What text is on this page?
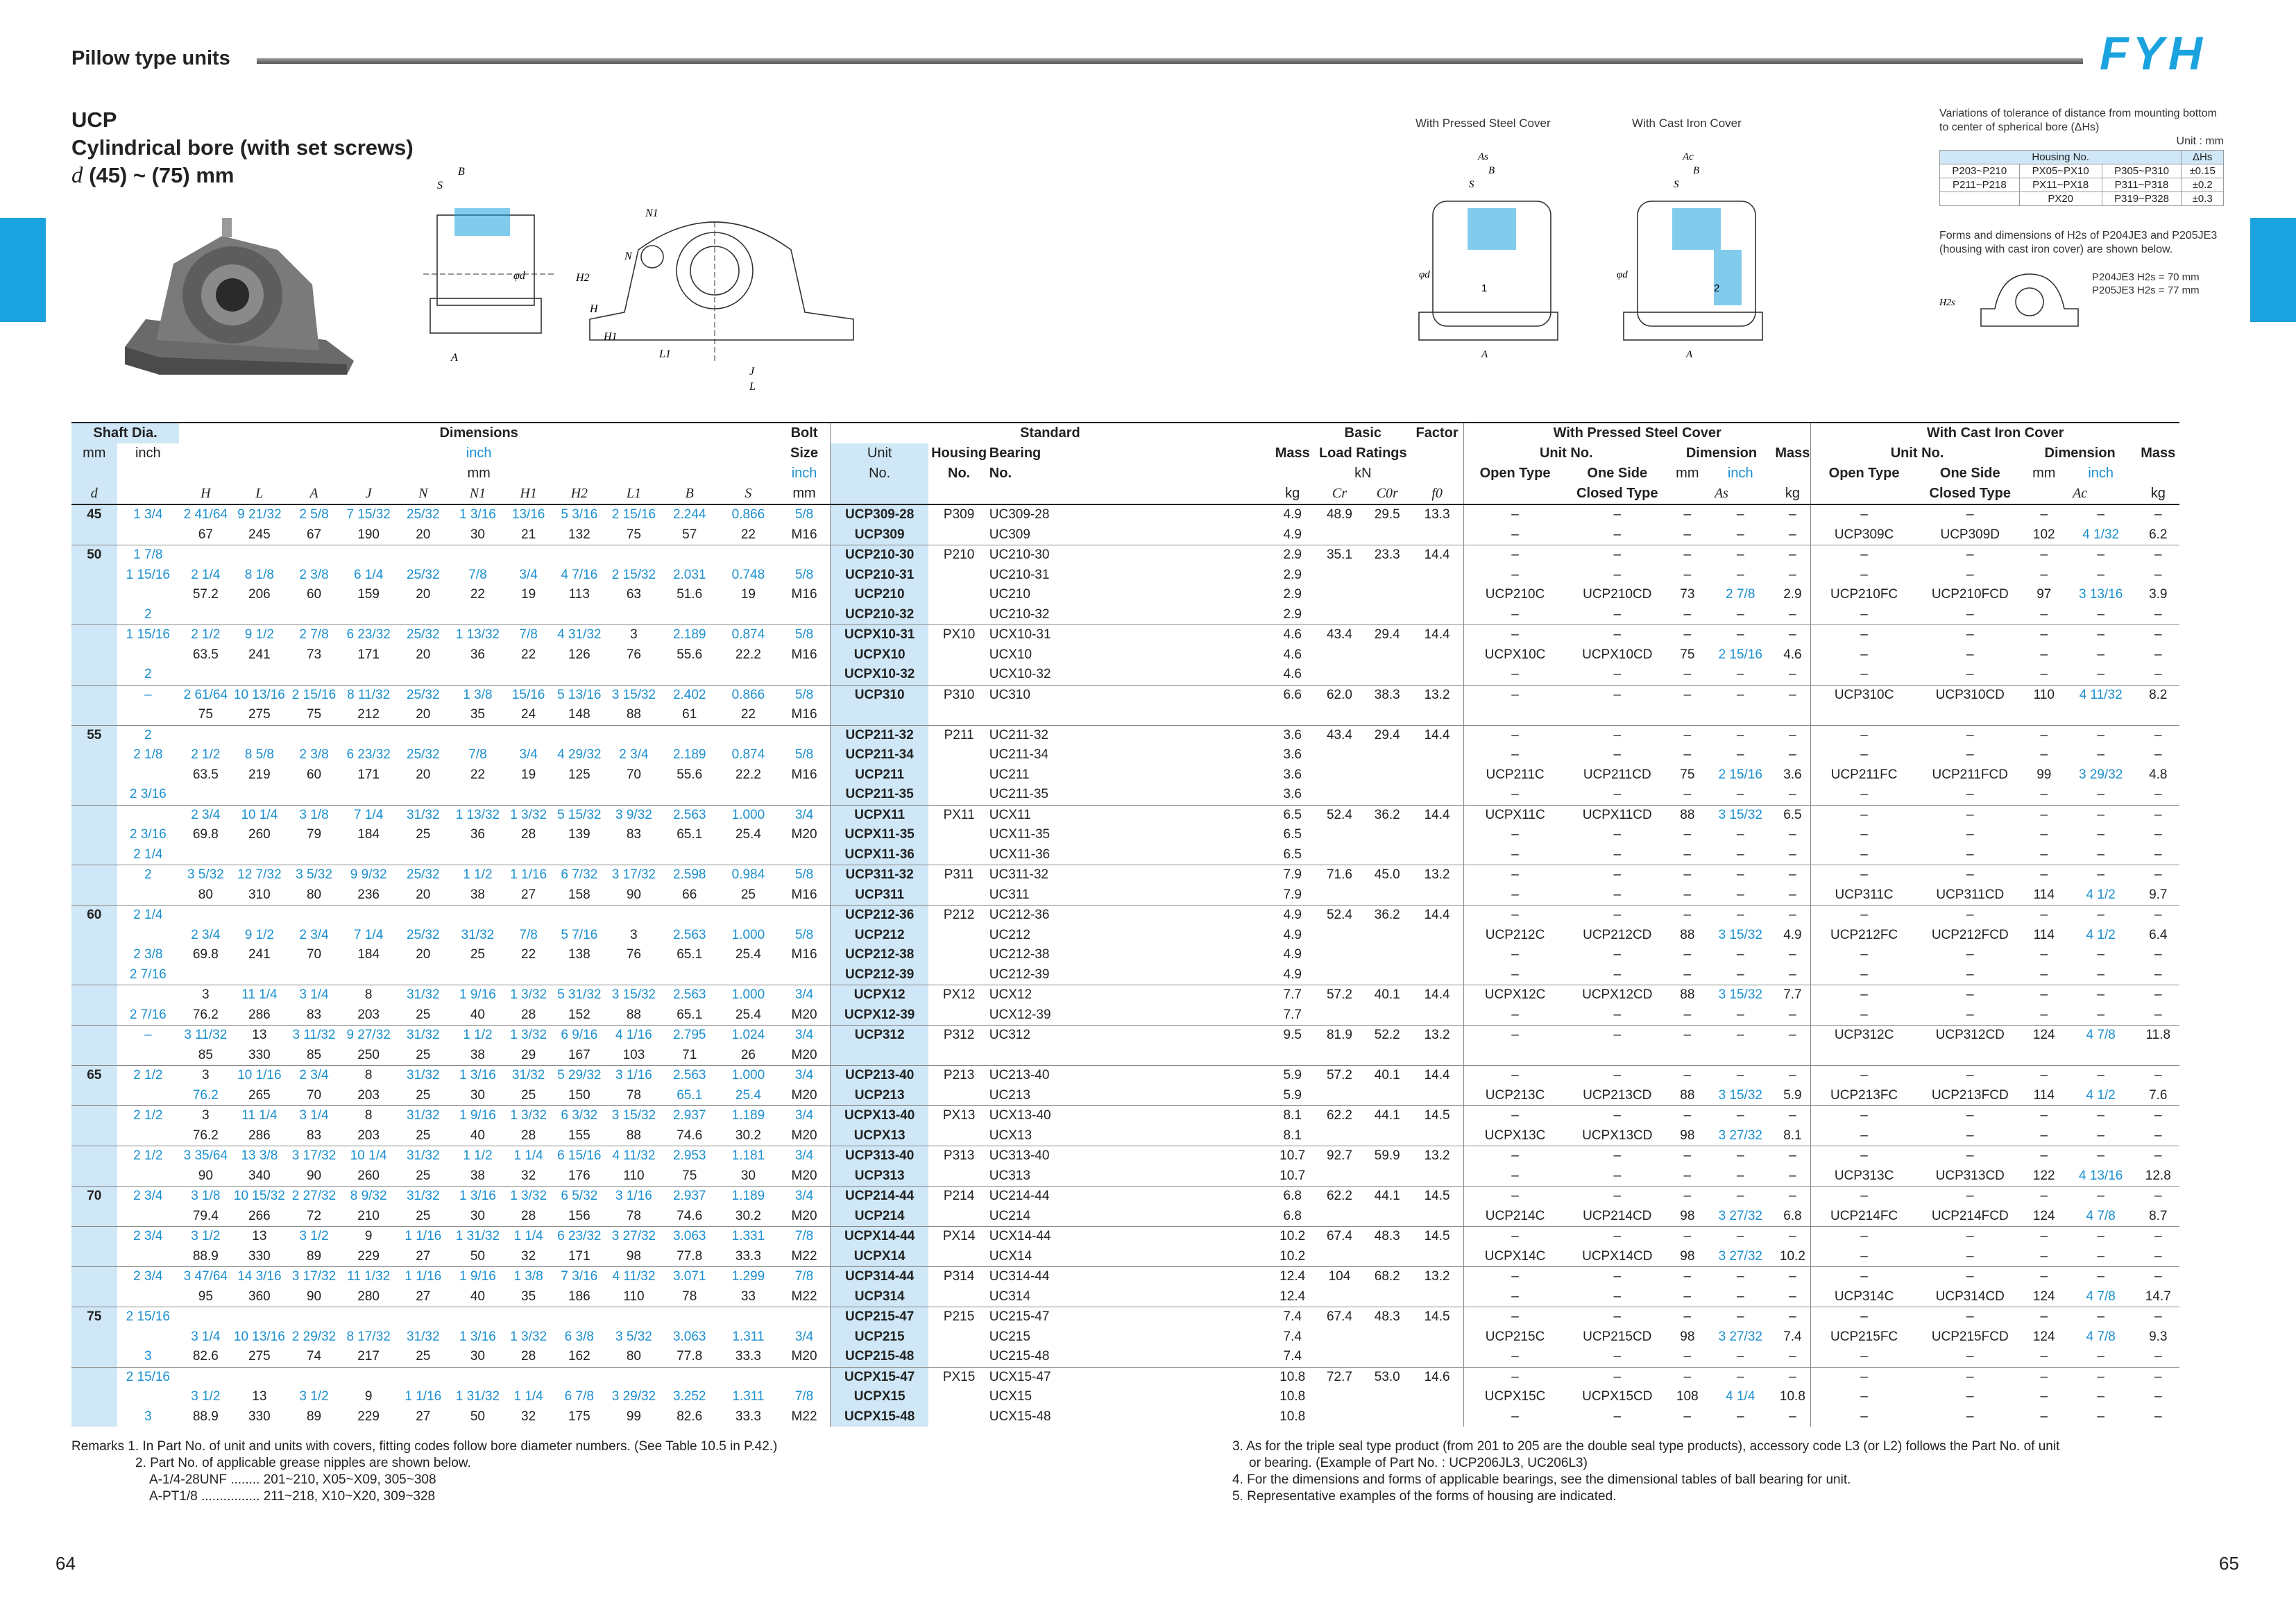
Pillow type units	FYH
UCP
Cylindrical bore (with set screws)
d (45) ~ (75) mm	B
S
φd
A
N1
N
H2
H
H1
L1
J
L
With Pressed Steel Cover	With Cast Iron Cover
As
B
S
φd
1
A
Ac
B
S
φd
2
A
Variations of tolerance of distance from mounting bottom to center of spherical bore (ΔHs)
Unit : mm
Housing No.			ΔHs
P203~P210	PX05~PX10	P305~P310	±0.15
P211~P218	PX11~PX18	P311~P318	±0.2
	PX20	P319~P328	±0.3
Forms and dimensions of H2s of P204JE3 and P205JE3 (housing with cast iron cover) are shown below.
H2s
P204JE3 H2s = 70 mm
P205JE3 H2s = 77 mm
Shaft Dia.		Dimensions											Bolt	Standard				Basic		Factor	With Pressed Steel Cover					With Cast Iron Cover				
mm	inch	inch											Size	Unit	Housing	Bearing	Mass	Load Ratings			Unit No.		Dimension		Mass	Unit No.		Dimension		Mass
		mm											inch	No.	No.	No.		kN			Open Type	One Side	mm	inch		Open Type	One Side	mm	inch	
d		H	L	A	J	N	N1	H1	H2	L1	B	S	mm				kg	Cr	C0r	f0		Closed Type	As		kg		Closed Type	Ac		kg
45	1 3/4	2 41/64	9 21/32	2 5/8	7 15/32	25/32	1 3/16	13/16	5 3/16	2 15/16	2.244	0.866	5/8	UCP309-28	P309	UC309-28	4.9	48.9	29.5	13.3	–	–	–	–	–	–	–	–	–	–
		67	245	67	190	20	30	21	132	75	57	22	M16	UCP309		UC309	4.9				–	–	–	–	–	UCP309C	UCP309D	102	4 1/32	6.2
50	1 7/8													UCP210-30	P210	UC210-30	2.9	35.1	23.3	14.4	–	–	–	–	–	–	–	–	–	–
	1 15/16	2 1/4	8 1/8	2 3/8	6 1/4	25/32	7/8	3/4	4 7/16	2 15/32	2.031	0.748	5/8	UCP210-31		UC210-31	2.9				–	–	–	–	–	–	–	–	–	–
		57.2	206	60	159	20	22	19	113	63	51.6	19	M16	UCP210		UC210	2.9				UCP210C	UCP210CD	73	2 7/8	2.9	UCP210FC	UCP210FCD	97	3 13/16	3.9
	2													UCP210-32		UC210-32	2.9				–	–	–	–	–	–	–	–	–	–
	1 15/16	2 1/2	9 1/2	2 7/8	6 23/32	25/32	1 13/32	7/8	4 31/32	3	2.189	0.874	5/8	UCPX10-31	PX10	UCX10-31	4.6	43.4	29.4	14.4	–	–	–	–	–	–	–	–	–	–
		63.5	241	73	171	20	36	22	126	76	55.6	22.2	M16	UCPX10		UCX10	4.6				UCPX10C	UCPX10CD	75	2 15/16	4.6	–	–	–	–	–
	2													UCPX10-32		UCX10-32	4.6				–	–	–	–	–	–	–	–	–	–
	–	2 61/64	10 13/16	2 15/16	8 11/32	25/32	1 3/8	15/16	5 13/16	3 15/32	2.402	0.866	5/8	UCP310	P310	UC310	6.6	62.0	38.3	13.2	–	–	–	–	–	UCP310C	UCP310CD	110	4 11/32	8.2
		75	275	75	212	20	35	24	148	88	61	22	M16																	
55	2													UCP211-32	P211	UC211-32	3.6	43.4	29.4	14.4	–	–	–	–	–	–	–	–	–	–
	2 1/8	2 1/2	8 5/8	2 3/8	6 23/32	25/32	7/8	3/4	4 29/32	2 3/4	2.189	0.874	5/8	UCP211-34		UC211-34	3.6				–	–	–	–	–	–	–	–	–	–
		63.5	219	60	171	20	22	19	125	70	55.6	22.2	M16	UCP211		UC211	3.6				UCP211C	UCP211CD	75	2 15/16	3.6	UCP211FC	UCP211FCD	99	3 29/32	4.8
	2 3/16													UCP211-35		UC211-35	3.6				–	–	–	–	–	–	–	–	–	–
		2 3/4	10 1/4	3 1/8	7 1/4	31/32	1 13/32	1 3/32	5 15/32	3 9/32	2.563	1.000	3/4	UCPX11	PX11	UCX11	6.5	52.4	36.2	14.4	UCPX11C	UCPX11CD	88	3 15/32	6.5	–	–	–	–	–
	2 3/16	69.8	260	79	184	25	36	28	139	83	65.1	25.4	M20	UCPX11-35		UCX11-35	6.5				–	–	–	–	–	–	–	–	–	–
	2 1/4													UCPX11-36		UCX11-36	6.5				–	–	–	–	–	–	–	–	–	–
	2	3 5/32	12 7/32	3 5/32	9 9/32	25/32	1 1/2	1 1/16	6 7/32	3 17/32	2.598	0.984	5/8	UCP311-32	P311	UC311-32	7.9	71.6	45.0	13.2	–	–	–	–	–	–	–	–	–	–
		80	310	80	236	20	38	27	158	90	66	25	M16	UCP311		UC311	7.9				–	–	–	–	–	UCP311C	UCP311CD	114	4 1/2	9.7
60	2 1/4													UCP212-36	P212	UC212-36	4.9	52.4	36.2	14.4	–	–	–	–	–	–	–	–	–	–
		2 3/4	9 1/2	2 3/4	7 1/4	25/32	31/32	7/8	5 7/16	3	2.563	1.000	5/8	UCP212		UC212	4.9				UCP212C	UCP212CD	88	3 15/32	4.9	UCP212FC	UCP212FCD	114	4 1/2	6.4
	2 3/8	69.8	241	70	184	20	25	22	138	76	65.1	25.4	M16	UCP212-38		UC212-38	4.9				–	–	–	–	–	–	–	–	–	–
	2 7/16													UCP212-39		UC212-39	4.9				–	–	–	–	–	–	–	–	–	–
		3	11 1/4	3 1/4	8	31/32	1 9/16	1 3/32	5 31/32	3 15/32	2.563	1.000	3/4	UCPX12	PX12	UCX12	7.7	57.2	40.1	14.4	UCPX12C	UCPX12CD	88	3 15/32	7.7	–	–	–	–	–
	2 7/16	76.2	286	83	203	25	40	28	152	88	65.1	25.4	M20	UCPX12-39		UCX12-39	7.7				–	–	–	–	–	–	–	–	–	–
	–	3 11/32	13	3 11/32	9 27/32	31/32	1 1/2	1 3/32	6 9/16	4 1/16	2.795	1.024	3/4	UCP312	P312	UC312	9.5	81.9	52.2	13.2	–	–	–	–	–	UCP312C	UCP312CD	124	4 7/8	11.8
		85	330	85	250	25	38	29	167	103	71	26	M20																	
65	2 1/2	3	10 1/16	2 3/4	8	31/32	1 3/16	31/32	5 29/32	3 1/16	2.563	1.000	3/4	UCP213-40	P213	UC213-40	5.9	57.2	40.1	14.4	–	–	–	–	–	–	–	–	–	–
		76.2	265	70	203	25	30	25	150	78	65.1	25.4	M20	UCP213		UC213	5.9				UCP213C	UCP213CD	88	3 15/32	5.9	UCP213FC	UCP213FCD	114	4 1/2	7.6
	2 1/2	3	11 1/4	3 1/4	8	31/32	1 9/16	1 3/32	6 3/32	3 15/32	2.937	1.189	3/4	UCPX13-40	PX13	UCX13-40	8.1	62.2	44.1	14.5	–	–	–	–	–	–	–	–	–	–
		76.2	286	83	203	25	40	28	155	88	74.6	30.2	M20	UCPX13		UCX13	8.1				UCPX13C	UCPX13CD	98	3 27/32	8.1	–	–	–	–	–
	2 1/2	3 35/64	13 3/8	3 17/32	10 1/4	31/32	1 1/2	1 1/4	6 15/16	4 11/32	2.953	1.181	3/4	UCP313-40	P313	UC313-40	10.7	92.7	59.9	13.2	–	–	–	–	–	–	–	–	–	–
		90	340	90	260	25	38	32	176	110	75	30	M20	UCP313		UC313	10.7				–	–	–	–	–	UCP313C	UCP313CD	122	4 13/16	12.8
70	2 3/4	3 1/8	10 15/32	2 27/32	8 9/32	31/32	1 3/16	1 3/32	6 5/32	3 1/16	2.937	1.189	3/4	UCP214-44	P214	UC214-44	6.8	62.2	44.1	14.5	–	–	–	–	–	–	–	–	–	–
		79.4	266	72	210	25	30	28	156	78	74.6	30.2	M20	UCP214		UC214	6.8				UCP214C	UCP214CD	98	3 27/32	6.8	UCP214FC	UCP214FCD	124	4 7/8	8.7
	2 3/4	3 1/2	13	3 1/2	9	1 1/16	1 31/32	1 1/4	6 23/32	3 27/32	3.063	1.331	7/8	UCPX14-44	PX14	UCX14-44	10.2	67.4	48.3	14.5	–	–	–	–	–	–	–	–	–	–
		88.9	330	89	229	27	50	32	171	98	77.8	33.3	M22	UCPX14		UCX14	10.2				UCPX14C	UCPX14CD	98	3 27/32	10.2	–	–	–	–	–
	2 3/4	3 47/64	14 3/16	3 17/32	11 1/32	1 1/16	1 9/16	1 3/8	7 3/16	4 11/32	3.071	1.299	7/8	UCP314-44	P314	UC314-44	12.4	104	68.2	13.2	–	–	–	–	–	–	–	–	–	–
		95	360	90	280	27	40	35	186	110	78	33	M22	UCP314		UC314	12.4				–	–	–	–	–	UCP314C	UCP314CD	124	4 7/8	14.7
75	2 15/16													UCP215-47	P215	UC215-47	7.4	67.4	48.3	14.5	–	–	–	–	–	–	–	–	–	–
		3 1/4	10 13/16	2 29/32	8 17/32	31/32	1 3/16	1 3/32	6 3/8	3 5/32	3.063	1.311	3/4	UCP215		UC215	7.4				UCP215C	UCP215CD	98	3 27/32	7.4	UCP215FC	UCP215FCD	124	4 7/8	9.3
	3	82.6	275	74	217	25	30	28	162	80	77.8	33.3	M20	UCP215-48		UC215-48	7.4				–	–	–	–	–	–	–	–	–	–
	2 15/16													UCPX15-47	PX15	UCX15-47	10.8	72.7	53.0	14.6	–	–	–	–	–	–	–	–	–	–
		3 1/2	13	3 1/2	9	1 1/16	1 31/32	1 1/4	6 7/8	3 29/32	3.252	1.311	7/8	UCPX15		UCX15	10.8				UCPX15C	UCPX15CD	108	4 1/4	10.8	–	–	–	–	–
	3	88.9	330	89	229	27	50	32	175	99	82.6	33.3	M22	UCPX15-48		UCX15-48	10.8				–	–	–	–	–	–	–	–	–	–
Remarks 1. In Part No. of unit and units with covers, fitting codes follow bore diameter numbers. (See Table 10.5 in P.42.)
2. Part No. of applicable grease nipples are shown below.
A-1/4-28UNF ........ 201~210, X05~X09, 305~308
A-PT1/8 ................ 211~218, X10~X20, 309~328
3. As for the triple seal type product (from 201 to 205 are the double seal type products), accessory code L3 (or L2) follows the Part No. of unit
or bearing. (Example of Part No. : UCP206JL3, UC206L3)
4. For the dimensions and forms of applicable bearings, see the dimensional tables of ball bearing for unit.
5. Representative examples of the forms of housing are indicated.
64	65
